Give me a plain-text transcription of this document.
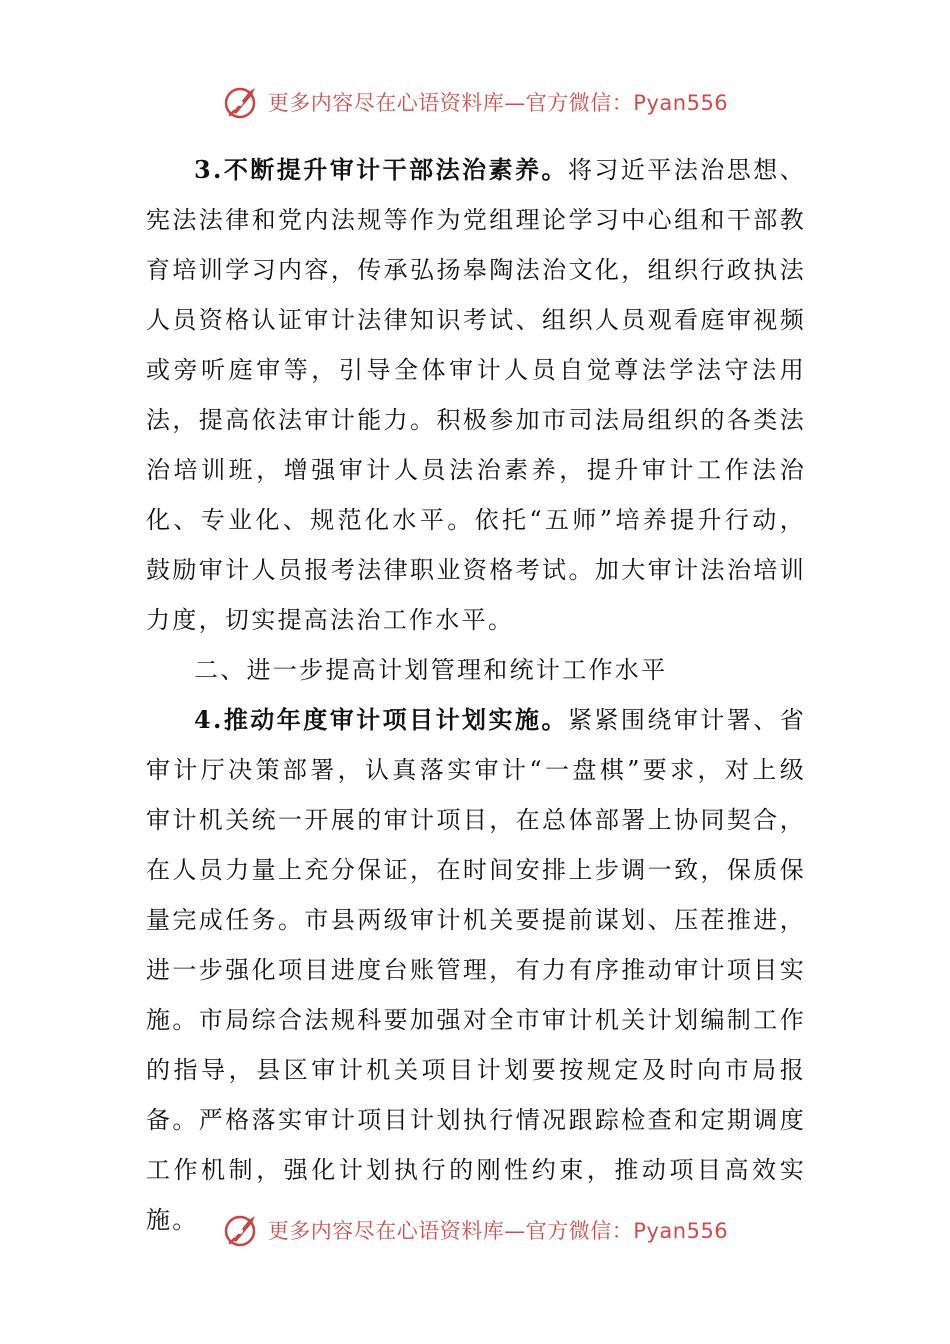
更多内容尽在心语资料库—官方微信：Pyan556

3.不断提升审计干部法治素养。将习近平法治思想、宪法法律和党内法规等作为党组理论学习中心组和干部教育培训学习内容，传承弘扬皋陶法治文化，组织行政执法人员资格认证审计法律知识考试、组织人员观看庭审视频或旁听庭审等，引导全体审计人员自觉尊法学法守法用法，提高依法审计能力。积极参加市司法局组织的各类法治培训班，增强审计人员法治素养，提升审计工作法治化、专业化、规范化水平。依托“五师”培养提升行动，鼓励审计人员报考法律职业资格考试。加大审计法治培训力度，切实提高法治工作水平。

二、进一步提高计划管理和统计工作水平

4.推动年度审计项目计划实施。紧紧围绕审计署、省审计厅决策部署，认真落实审计“一盘棋”要求，对上级审计机关统一开展的审计项目，在总体部署上协同契合，在人员力量上充分保证，在时间安排上步调一致，保质保量完成任务。市县两级审计机关要提前谋划、压茬推进，进一步强化项目进度台账管理，有力有序推动审计项目实施。市局综合法规科要加强对全市审计机关计划编制工作的指导，县区审计机关项目计划要按规定及时向市局报备。严格落实审计项目计划执行情况跟踪检查和定期调度工作机制，强化计划执行的刚性约束，推动项目高效实施。	更多内容尽在心语资料库—官方微信：Pyan556
